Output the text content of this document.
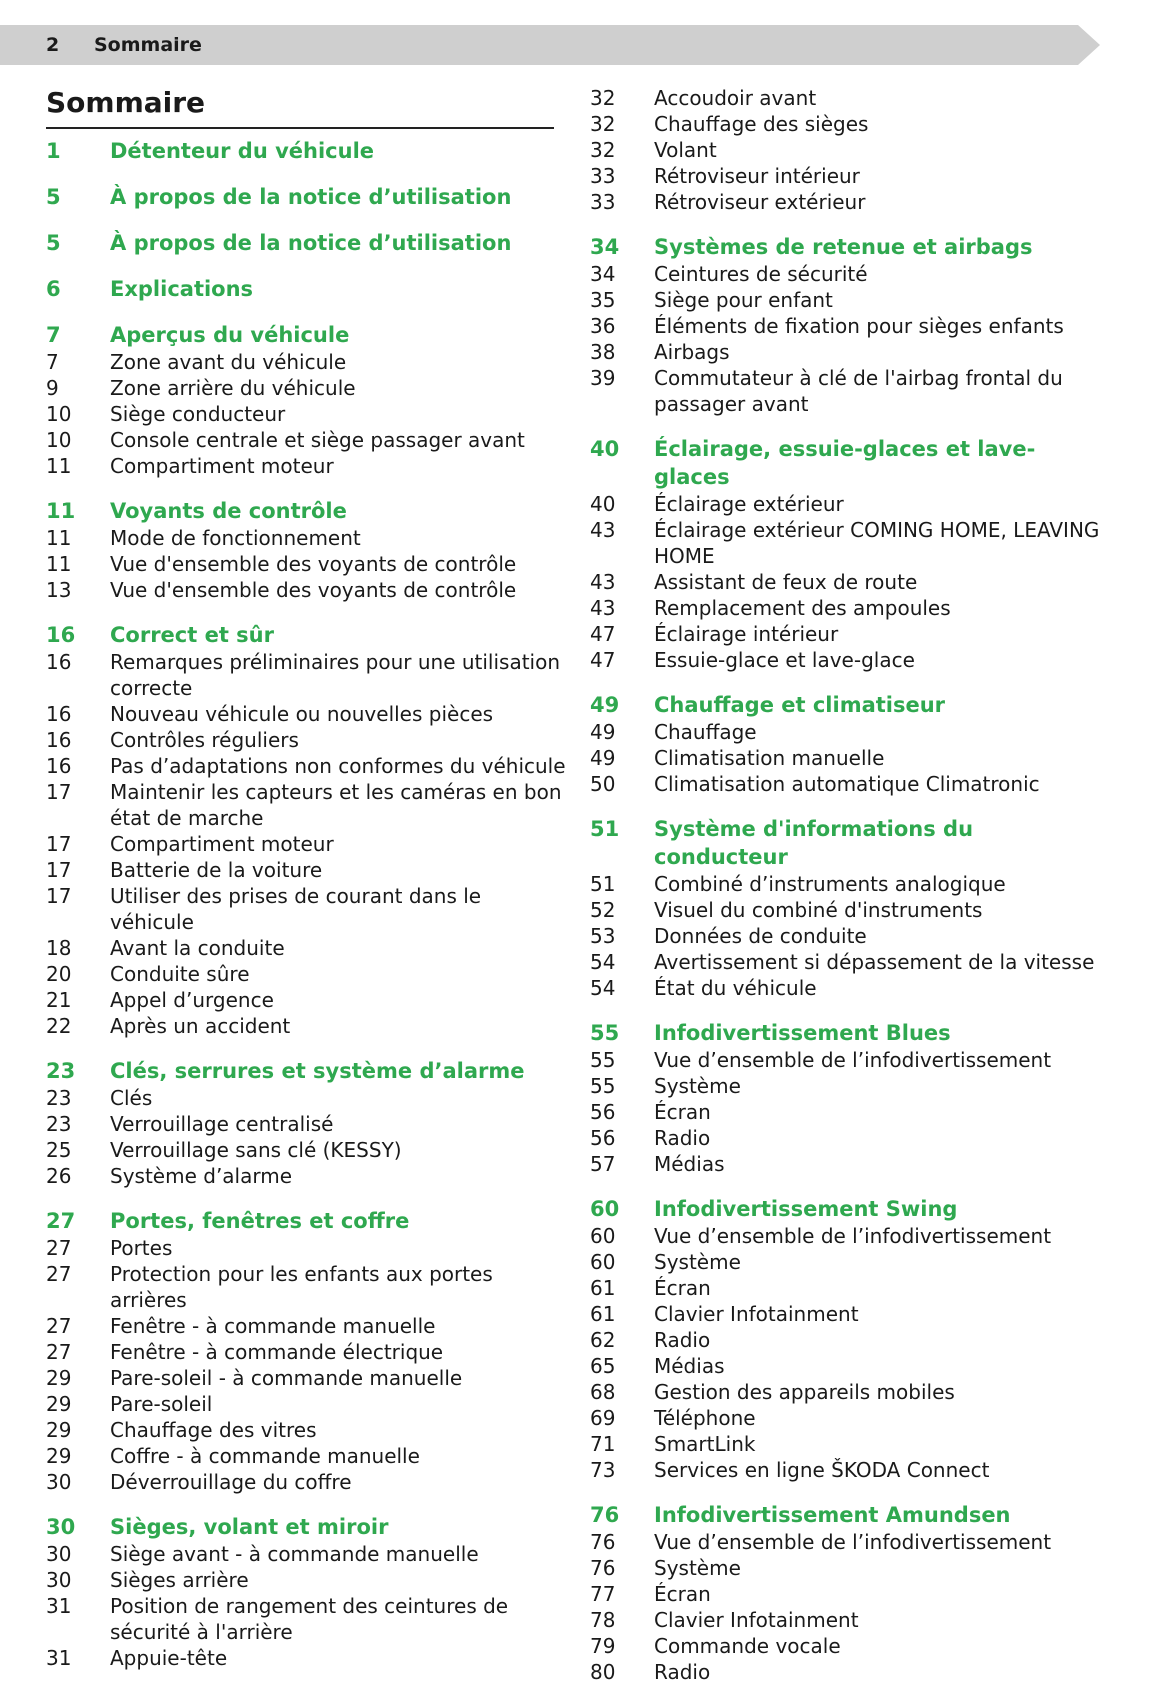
2 Sommaire
Sommaire
1	Détenteur du véhicule
5	À propos de la notice d’utilisation
5	À propos de la notice d’utilisation
6	Explications
7	Aperçus du véhicule
7	Zone avant du véhicule
9	Zone arrière du véhicule
10	Siège conducteur
10	Console centrale et siège passager avant
11	Compartiment moteur
11	Voyants de contrôle
11	Mode de fonctionnement
11	Vue d'ensemble des voyants de contrôle
13	Vue d'ensemble des voyants de contrôle
16	Correct et sûr
16	Remarques préliminaires pour une utilisation correcte
16	Nouveau véhicule ou nouvelles pièces
16	Contrôles réguliers
16	Pas d’adaptations non conformes du véhicule
17	Maintenir les capteurs et les caméras en bon état de marche
17	Compartiment moteur
17	Batterie de la voiture
17	Utiliser des prises de courant dans le véhicule
18	Avant la conduite
20	Conduite sûre
21	Appel d’urgence
22	Après un accident
23	Clés, serrures et système d’alarme
23	Clés
23	Verrouillage centralisé
25	Verrouillage sans clé (KESSY)
26	Système d’alarme
27	Portes, fenêtres et coffre
27	Portes
27	Protection pour les enfants aux portes arrières
27	Fenêtre - à commande manuelle
27	Fenêtre - à commande électrique
29	Pare-soleil - à commande manuelle
29	Pare-soleil
29	Chauffage des vitres
29	Coffre - à commande manuelle
30	Déverrouillage du coffre
30	Sièges, volant et miroir
30	Siège avant - à commande manuelle
30	Sièges arrière
31	Position de rangement des ceintures de sécurité à l'arrière
31	Appuie-tête
32	Accoudoir avant
32	Chauffage des sièges
32	Volant
33	Rétroviseur intérieur
33	Rétroviseur extérieur
34	Systèmes de retenue et airbags
34	Ceintures de sécurité
35	Siège pour enfant
36	Éléments de fixation pour sièges enfants
38	Airbags
39	Commutateur à clé de l'airbag frontal du passager avant
40	Éclairage, essuie-glaces et lave-glaces
40	Éclairage extérieur
43	Éclairage extérieur COMING HOME, LEAVING HOME
43	Assistant de feux de route
43	Remplacement des ampoules
47	Éclairage intérieur
47	Essuie-glace et lave-glace
49	Chauffage et climatiseur
49	Chauffage
49	Climatisation manuelle
50	Climatisation automatique Climatronic
51	Système d'informations du conducteur
51	Combiné d’instruments analogique
52	Visuel du combiné d'instruments
53	Données de conduite
54	Avertissement si dépassement de la vitesse
54	État du véhicule
55	Infodivertissement Blues
55	Vue d’ensemble de l’infodivertissement
55	Système
56	Écran
56	Radio
57	Médias
60	Infodivertissement Swing
60	Vue d’ensemble de l’infodivertissement
60	Système
61	Écran
61	Clavier Infotainment
62	Radio
65	Médias
68	Gestion des appareils mobiles
69	Téléphone
71	SmartLink
73	Services en ligne ŠKODA Connect
76	Infodivertissement Amundsen
76	Vue d’ensemble de l’infodivertissement
76	Système
77	Écran
78	Clavier Infotainment
79	Commande vocale
80	Radio
